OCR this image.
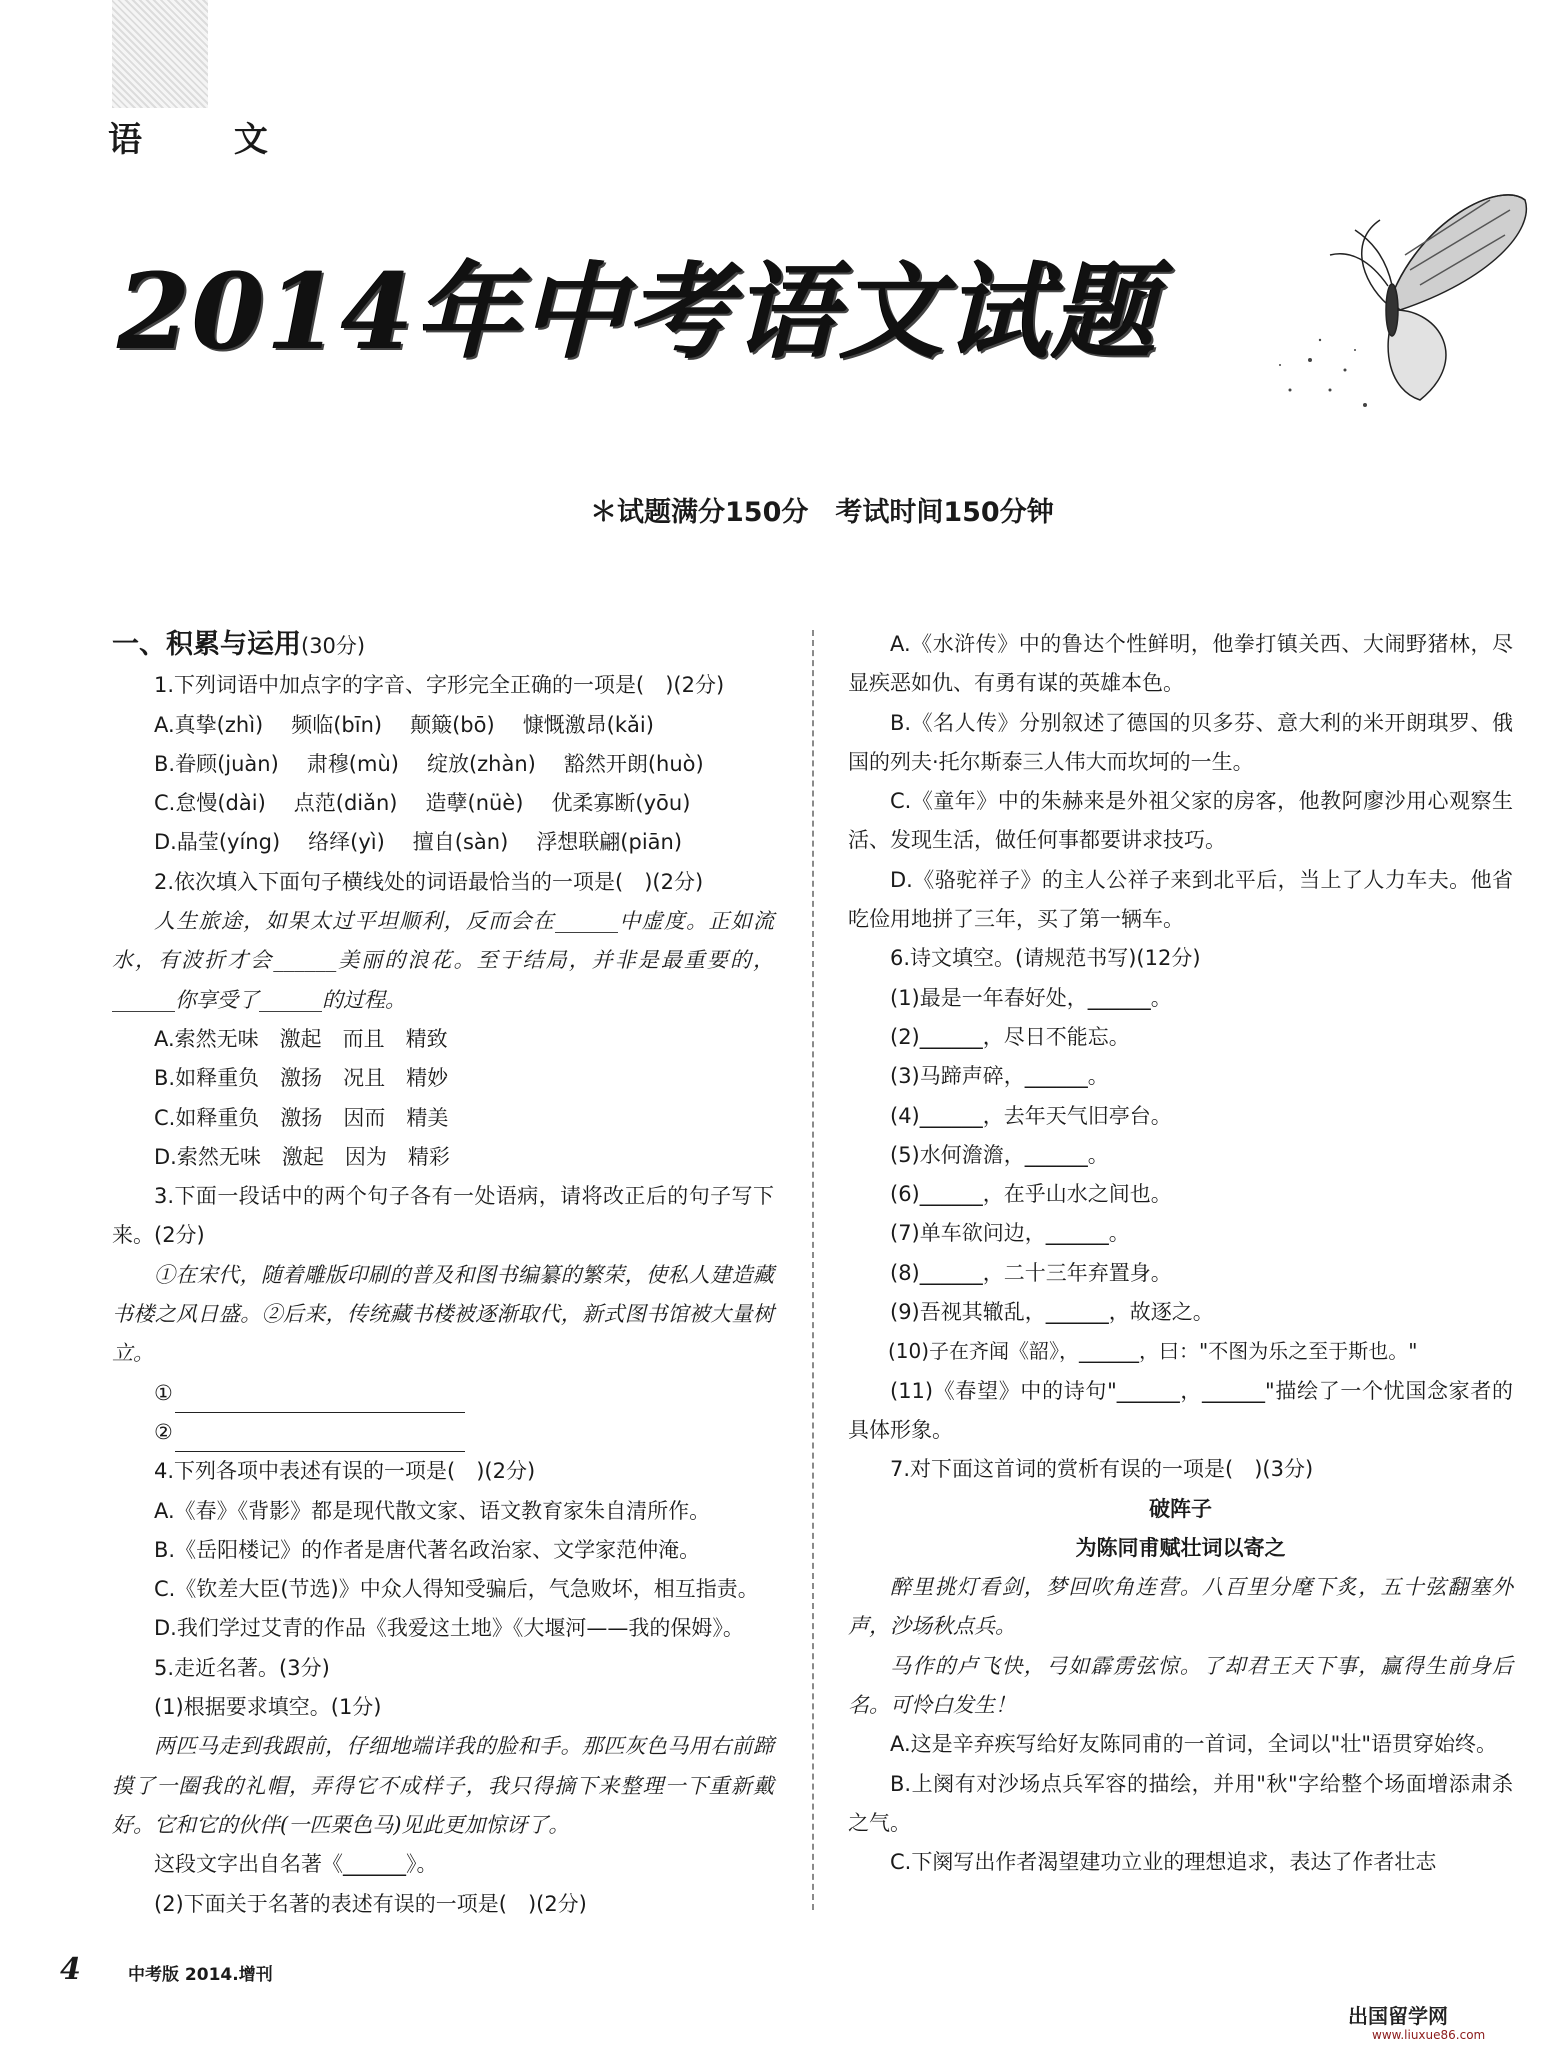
语 文
2014年中考语文试题
＊试题满分150分　考试时间150分钟
一、积累与运用(30分)

1.下列词语中加点字的字音、字形完全正确的一项是(　)(2分)

A.真挚(zhì) 频临(bīn) 颠簸(bō) 慷慨激昂(kǎi)
B.眷顾(juàn) 肃穆(mù) 绽放(zhàn) 豁然开朗(huò)
C.怠慢(dài) 点范(diǎn) 造孽(nüè) 优柔寡断(yōu)
D.晶莹(yíng) 络绎(yì) 擅自(sàn) 浮想联翩(piān)

2.依次填入下面句子横线处的词语最恰当的一项是(　)(2分)

人生旅途，如果太过平坦顺利，反而会在______中虚度。正如流水，有波折才会______美丽的浪花。至于结局，并非是最重要的，______你享受了______的过程。

A.索然无味　激起　而且　精致

B.如释重负　激扬　况且　精妙

C.如释重负　激扬　因而　精美

D.索然无味　激起　因为　精彩

3.下面一段话中的两个句子各有一处语病，请将改正后的句子写下来。(2分)

①在宋代，随着雕版印刷的普及和图书编纂的繁荣，使私人建造藏书楼之风日盛。②后来，传统藏书楼被逐渐取代，新式图书馆被大量树立。

①
②

4.下列各项中表述有误的一项是(　)(2分)

A.《春》《背影》都是现代散文家、语文教育家朱自清所作。

B.《岳阳楼记》的作者是唐代著名政治家、文学家范仲淹。

C.《钦差大臣(节选)》中众人得知受骗后，气急败坏，相互指责。

D.我们学过艾青的作品《我爱这土地》《大堰河——我的保姆》。

5.走近名著。(3分)

(1)根据要求填空。(1分)

两匹马走到我跟前，仔细地端详我的脸和手。那匹灰色马用右前蹄摸了一圈我的礼帽，弄得它不成样子，我只得摘下来整理一下重新戴好。它和它的伙伴(一匹栗色马)见此更加惊讶了。

这段文字出自名著《______》。

(2)下面关于名著的表述有误的一项是(　)(2分)

A.《水浒传》中的鲁达个性鲜明，他拳打镇关西、大闹野猪林，尽显疾恶如仇、有勇有谋的英雄本色。

B.《名人传》分别叙述了德国的贝多芬、意大利的米开朗琪罗、俄国的列夫·托尔斯泰三人伟大而坎坷的一生。

C.《童年》中的朱赫来是外祖父家的房客，他教阿廖沙用心观察生活、发现生活，做任何事都要讲求技巧。

D.《骆驼祥子》的主人公祥子来到北平后，当上了人力车夫。他省吃俭用地拼了三年，买了第一辆车。

6.诗文填空。(请规范书写)(12分)

(1)最是一年春好处，______。

(2)______，尽日不能忘。

(3)马蹄声碎，______。

(4)______，去年天气旧亭台。

(5)水何澹澹，______。

(6)______，在乎山水之间也。

(7)单车欲问边，______。

(8)______，二十三年弃置身。

(9)吾视其辙乱，______，故逐之。

(10)子在齐闻《韶》，______，曰："不图为乐之至于斯也。"

(11)《春望》中的诗句"______，______"描绘了一个忧国念家者的具体形象。

7.对下面这首词的赏析有误的一项是(　)(3分)

破阵子

为陈同甫赋壮词以寄之

醉里挑灯看剑，梦回吹角连营。八百里分麾下炙，五十弦翻塞外声，沙场秋点兵。

马作的卢飞快，弓如霹雳弦惊。了却君王天下事，赢得生前身后名。可怜白发生！

A.这是辛弃疾写给好友陈同甫的一首词，全词以"壮"语贯穿始终。

B.上阕有对沙场点兵军容的描绘，并用"秋"字给整个场面增添肃杀之气。

C.下阕写出作者渴望建功立业的理想追求，表达了作者壮志

4	中考版 2014.增刊
出国留学网
www.liuxue86.com
